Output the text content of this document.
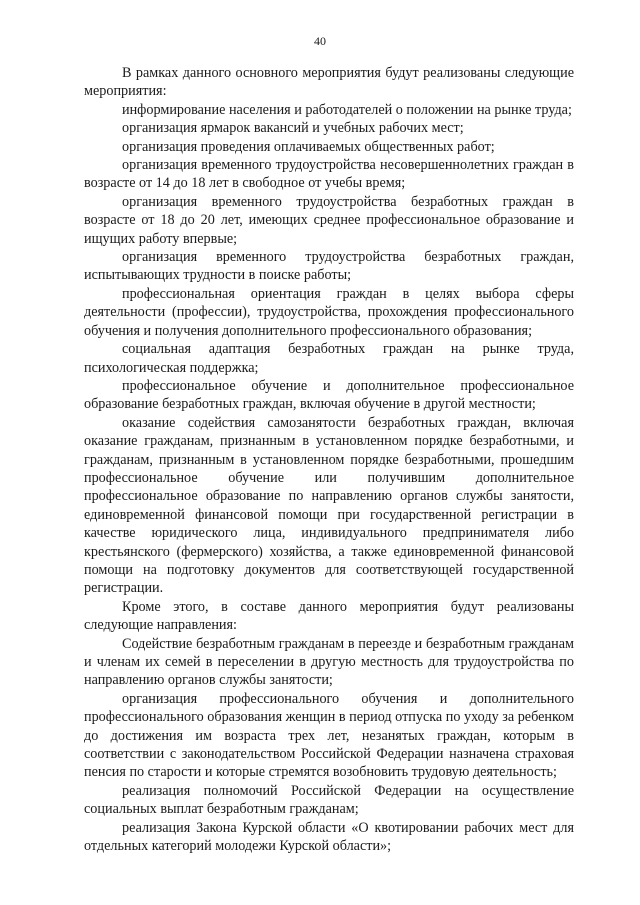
40

В рамках данного основного мероприятия будут реализованы следующие мероприятия:

информирование населения и работодателей о положении на рынке труда;

организация ярмарок вакансий и учебных рабочих мест;

организация проведения оплачиваемых общественных работ;

организация временного трудоустройства несовершеннолетних граждан в возрасте от 14 до 18 лет в свободное от учебы время;

организация временного трудоустройства безработных граждан в возрасте от 18 до 20 лет, имеющих среднее профессиональное образование и ищущих работу впервые;

организация временного трудоустройства безработных граждан, испытывающих трудности в поиске работы;

профессиональная ориентация граждан в целях выбора сферы деятельности (профессии), трудоустройства, прохождения профессионального обучения и получения дополнительного профессионального образования;

социальная адаптация безработных граждан на рынке труда, психологическая поддержка;

профессиональное обучение и дополнительное профессиональное образование безработных граждан, включая обучение в другой местности;

оказание содействия самозанятости безработных граждан, включая оказание гражданам, признанным в установленном порядке безработными, и гражданам, признанным в установленном порядке безработными, прошедшим профессиональное обучение или получившим дополнительное профессиональное образование по направлению органов службы занятости, единовременной финансовой помощи при государственной регистрации в качестве юридического лица, индивидуального предпринимателя либо крестьянского (фермерского) хозяйства, а также единовременной финансовой помощи на подготовку документов для соответствующей государственной регистрации.

Кроме этого, в составе данного мероприятия будут реализованы следующие направления:

Содействие безработным гражданам в переезде и безработным гражданам и членам их семей в переселении в другую местность для трудоустройства по направлению органов службы занятости;

организация профессионального обучения и дополнительного профессионального образования женщин в период отпуска по уходу за ребенком до достижения им возраста трех лет, незанятых граждан, которым в соответствии с законодательством Российской Федерации назначена страховая пенсия по старости и которые стремятся возобновить трудовую деятельность;

реализация полномочий Российской Федерации на осуществление социальных выплат безработным гражданам;

реализация Закона Курской области «О квотировании рабочих мест для отдельных категорий молодежи Курской области»;
